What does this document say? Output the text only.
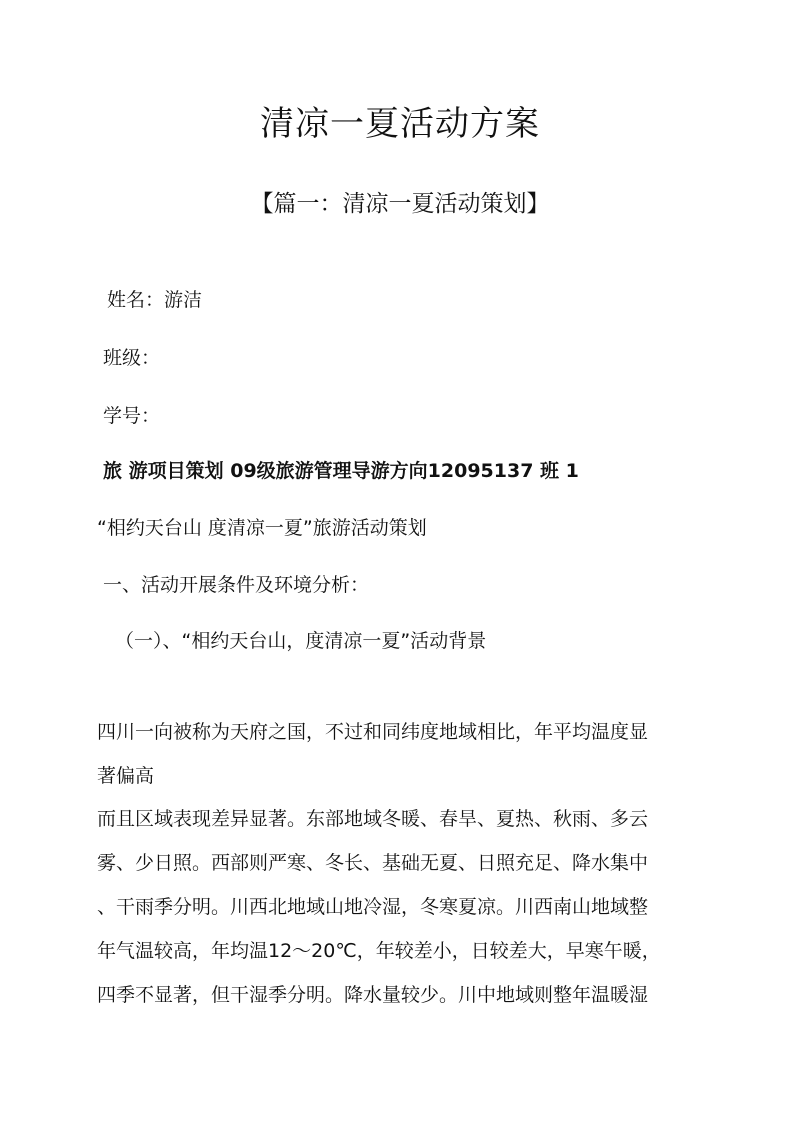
清凉一夏活动方案
【篇一：清凉一夏活动策划】

姓名：游洁

班级：

学号：

旅 游项目策划 09级旅游管理导游方向12095137 班 1

“相约天台山 度清凉一夏”旅游活动策划

一、活动开展条件及环境分析：

（一）、“相约天台山，度清凉一夏”活动背景

四川一向被称为天府之国，不过和同纬度地域相比，年平均温度显
著偏高
而且区域表现差异显著。东部地域冬暖、春旱、夏热、秋雨、多云
雾、少日照。西部则严寒、冬长、基础无夏、日照充足、降水集中
、干雨季分明。川西北地域山地冷湿，冬寒夏凉。川西南山地域整
年气温较高，年均温12～20℃，年较差小，日较差大，早寒午暖，
四季不显著，但干湿季分明。降水量较少。川中地域则整年温暖湿
